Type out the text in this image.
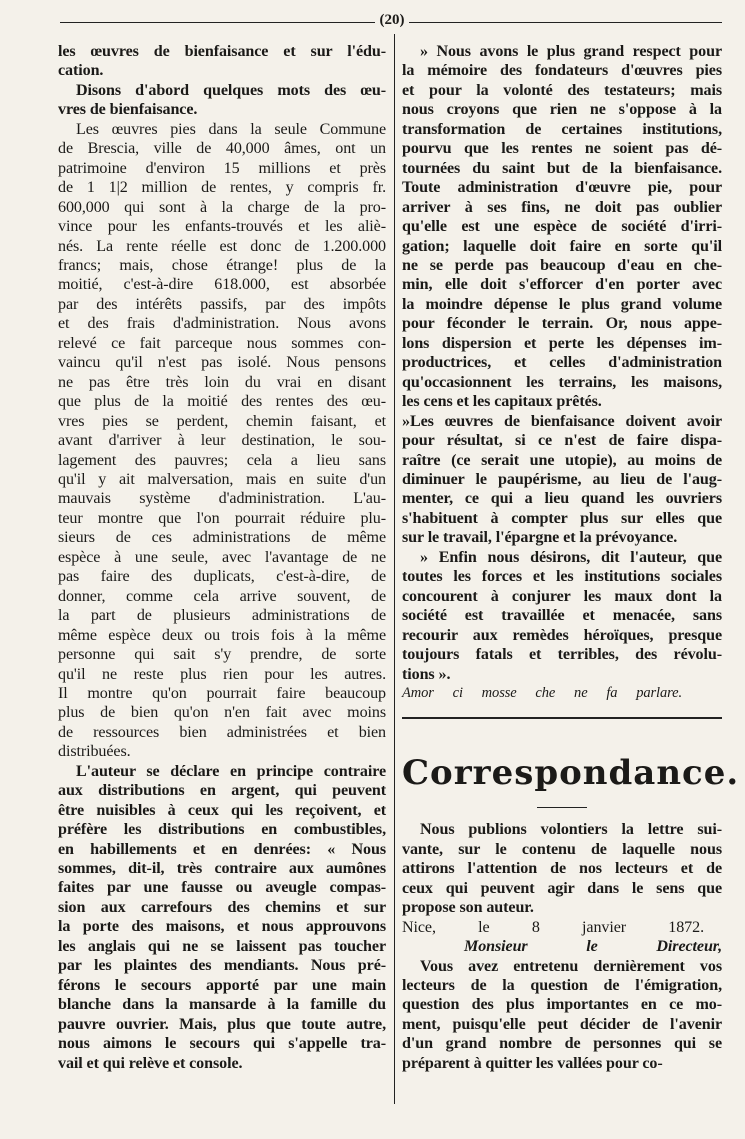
(20)

les œuvres de bienfaisance et sur l'édu-

cation.

Disons d'abord quelques mots des œu-

vres de bienfaisance.

Les œuvres pies dans la seule Commune

de Brescia, ville de 40,000 âmes, ont un

patrimoine d'environ 15 millions et près

de 1 1|2 million de rentes, y compris fr.

600,000 qui sont à la charge de la pro-

vince pour les enfants-trouvés et les aliè-

nés. La rente réelle est donc de 1.200.000

francs; mais, chose étrange! plus de la

moitié, c'est-à-dire 618.000, est absorbée

par des intérêts passifs, par des impôts

et des frais d'administration. Nous avons

relevé ce fait parceque nous sommes con-

vaincu qu'il n'est pas isolé. Nous pensons

ne pas être très loin du vrai en disant

que plus de la moitié des rentes des œu-

vres pies se perdent, chemin faisant, et

avant d'arriver à leur destination, le sou-

lagement des pauvres; cela a lieu sans

qu'il y ait malversation, mais en suite d'un

mauvais système d'administration. L'au-

teur montre que l'on pourrait réduire plu-

sieurs de ces administrations de même

espèce à une seule, avec l'avantage de ne

pas faire des duplicats, c'est-à-dire, de

donner, comme cela arrive souvent, de

la part de plusieurs administrations de

même espèce deux ou trois fois à la même

personne qui sait s'y prendre, de sorte

qu'il ne reste plus rien pour les autres.

Il montre qu'on pourrait faire beaucoup

plus de bien qu'on n'en fait avec moins

de ressources bien administrées et bien

distribuées.

L'auteur se déclare en principe contraire

aux distributions en argent, qui peuvent

être nuisibles à ceux qui les reçoivent, et

préfère les distributions en combustibles,

en habillements et en denrées: « Nous

sommes, dit-il, très contraire aux aumônes

faites par une fausse ou aveugle compas-

sion aux carrefours des chemins et sur

la porte des maisons, et nous approuvons

les anglais qui ne se laissent pas toucher

par les plaintes des mendiants. Nous pré-

férons le secours apporté par une main

blanche dans la mansarde à la famille du

pauvre ouvrier. Mais, plus que toute autre,

nous aimons le secours qui s'appelle tra-

vail et qui relève et console.

» Nous avons le plus grand respect pour

la mémoire des fondateurs d'œuvres pies

et pour la volonté des testateurs; mais

nous croyons que rien ne s'oppose à la

transformation de certaines institutions,

pourvu que les rentes ne soient pas dé-

tournées du saint but de la bienfaisance.

Toute administration d'œuvre pie, pour

arriver à ses fins, ne doit pas oublier

qu'elle est une espèce de société d'irri-

gation; laquelle doit faire en sorte qu'il

ne se perde pas beaucoup d'eau en che-

min, elle doit s'efforcer d'en porter avec

la moindre dépense le plus grand volume

pour féconder le terrain. Or, nous appe-

lons dispersion et perte les dépenses im-

productrices, et celles d'administration

qu'occasionnent les terrains, les maisons,

les cens et les capitaux prêtés.

»Les œuvres de bienfaisance doivent avoir

pour résultat, si ce n'est de faire dispa-

raître (ce serait une utopie), au moins de

diminuer le paupérisme, au lieu de l'aug-

menter, ce qui a lieu quand les ouvriers

s'habituent à compter plus sur elles que

sur le travail, l'épargne et la prévoyance.

» Enfin nous désirons, dit l'auteur, que

toutes les forces et les institutions sociales

concourent à conjurer les maux dont la

société est travaillée et menacée, sans

recourir aux remèdes héroïques, presque

toujours fatals et terribles, des révolu-

tions ».

Amor ci mosse che ne fa parlare.

Correspondance.

Nous publions volontiers la lettre sui-

vante, sur le contenu de laquelle nous

attirons l'attention de nos lecteurs et de

ceux qui peuvent agir dans le sens que

propose son auteur.

Nice, le 8 janvier 1872.

Monsieur le Directeur,

Vous avez entretenu dernièrement vos

lecteurs de la question de l'émigration,

question des plus importantes en ce mo-

ment, puisqu'elle peut décider de l'avenir

d'un grand nombre de personnes qui se

préparent à quitter les vallées pour co-
